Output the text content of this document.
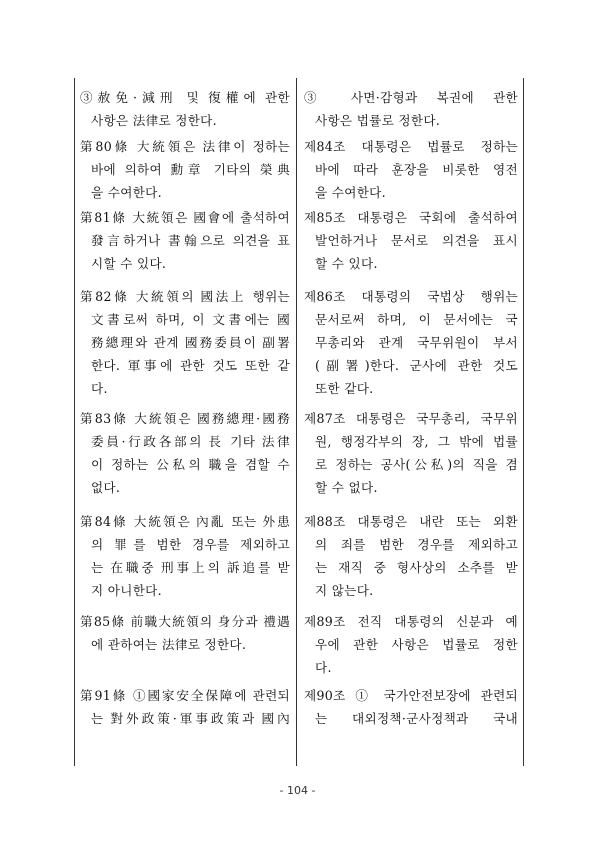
③赦免·減刑 및 復權에 관한
사항은 法律로 정한다.
第80條 大統領은 法律이 정하는
바에 의하여 勳章 기타의 榮典
을 수여한다.
第81條 大統領은 國會에 출석하여
發言하거나 書翰으로 의견을 표
시할 수 있다.
第82條 大統領의 國法上 행위는
文書로써 하며, 이 文書에는 國
務總理와 관계 國務委員이 副署
한다. 軍事에 관한 것도 또한 같
다.
第83條 大統領은 國務總理·國務
委員·行政各部의 長 기타 法律
이 정하는 公私의 職을 겸할 수
없다.
第84條 大統領은 內亂 또는 外患
의 罪를 범한 경우를 제외하고
는 在職중 刑事上의 訴追를 받
지 아니한다.
第85條 前職大統領의 身分과 禮遇
에 관하여는 法律로 정한다.
第91條 ①國家安全保障에 관련되
는 對外政策·軍事政策과 國內
③ 사면·감형과 복권에 관한
사항은 법률로 정한다.
제84조 대통령은 법률로 정하는
바에 따라 훈장을 비롯한 영전
을 수여한다.
제85조 대통령은 국회에 출석하여
발언하거나 문서로 의견을 표시
할 수 있다.
제86조 대통령의 국법상 행위는
문서로써 하며, 이 문서에는 국
무총리와 관계 국무위원이 부서
(副署)한다. 군사에 관한 것도
또한 같다.
제87조 대통령은 국무총리, 국무위
원, 행정각부의 장, 그 밖에 법률
로 정하는 공사(公私)의 직을 겸
할 수 없다.
제88조 대통령은 내란 또는 외환
의 죄를 범한 경우를 제외하고
는 재직 중 형사상의 소추를 받
지 않는다.
제89조 전직 대통령의 신분과 예
우에 관한 사항은 법률로 정한
다.
제90조 ① 국가안전보장에 관련되
는 대외정책·군사정책과 국내
- 104 -
